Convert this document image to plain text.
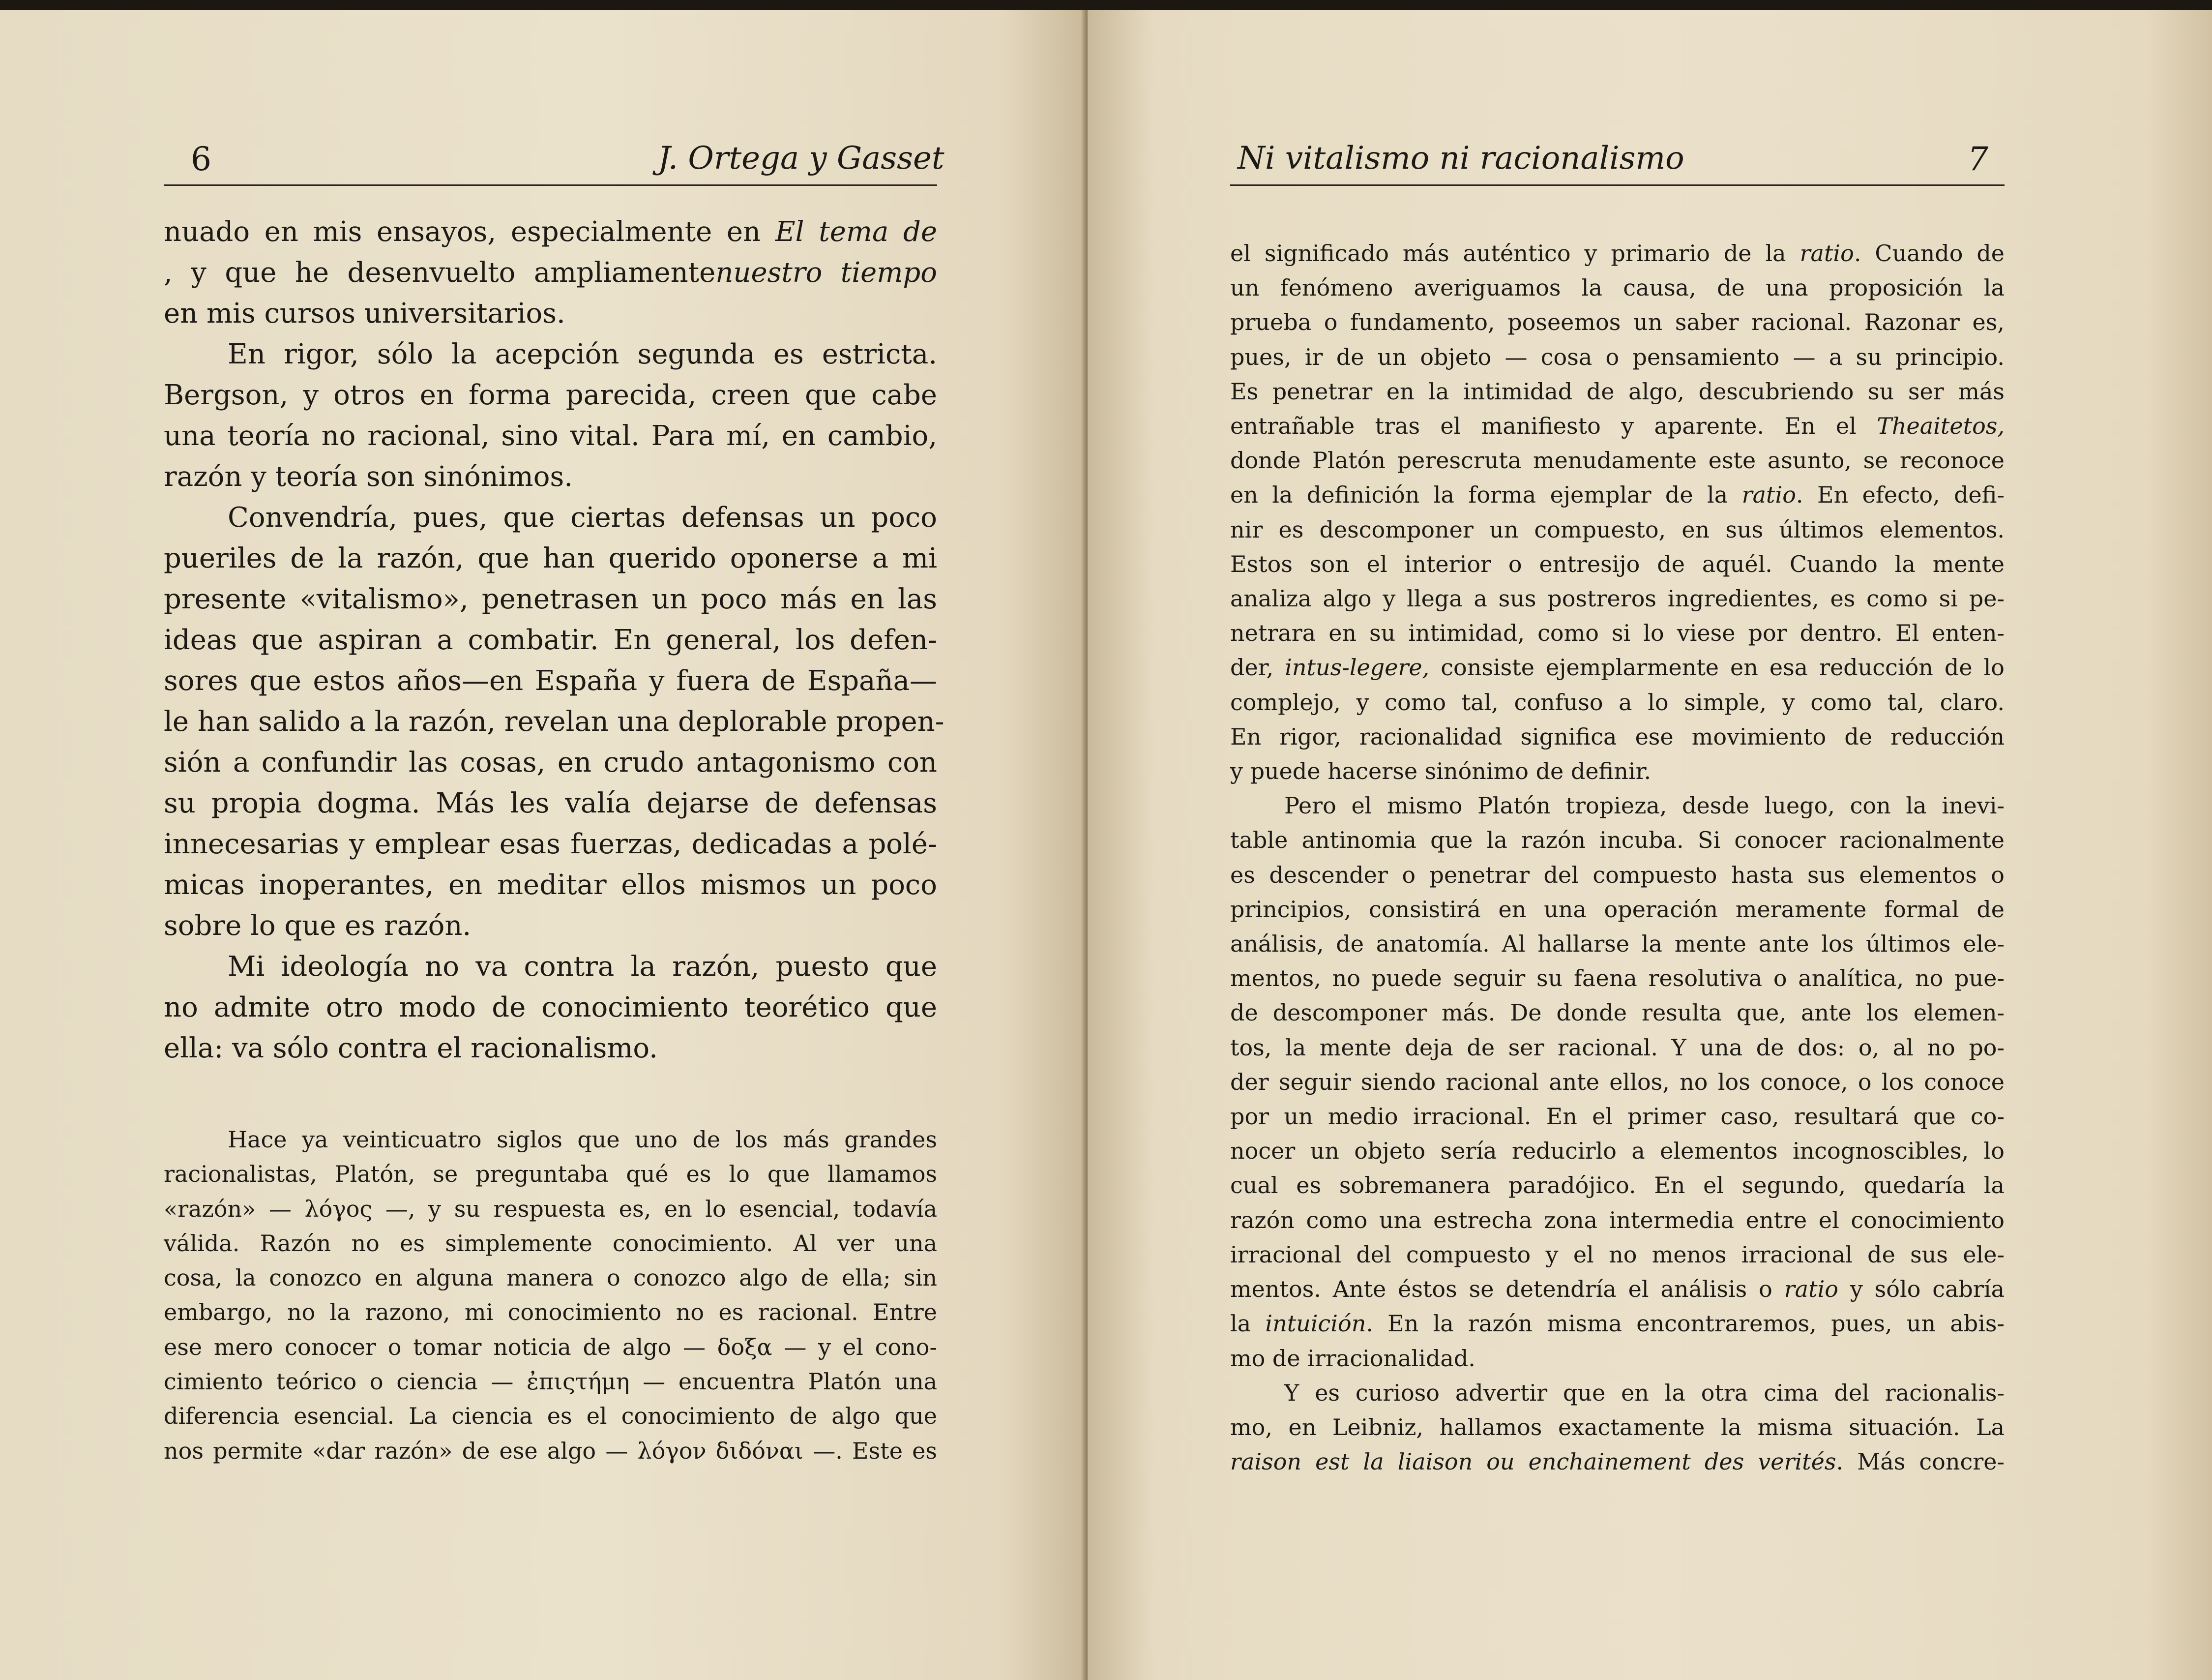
6	J. Ortega y Gasset
nuado en mis ensayos, especialmente en El tema de
, y que he desenvuelto ampliamentenuestro tiempo
en mis cursos universitarios.
En rigor, sólo la acepción segunda es estricta.
Bergson, y otros en forma parecida, creen que cabe
una teoría no racional, sino vital. Para mí, en cambio,
razón y teoría son sinónimos.
Convendría, pues, que ciertas defensas un poco
pueriles de la razón, que han querido oponerse a mi
presente «vitalismo», penetrasen un poco más en las
ideas que aspiran a combatir. En general, los defen-
sores que estos años—en España y fuera de España—
le han salido a la razón, revelan una deplorable propen-
sión a confundir las cosas, en crudo antagonismo con
su propia dogma. Más les valía dejarse de defensas
innecesarias y emplear esas fuerzas, dedicadas a polé-
micas inoperantes, en meditar ellos mismos un poco
sobre lo que es razón.
Mi ideología no va contra la razón, puesto que
no admite otro modo de conocimiento teorético que
ella: va sólo contra el racionalismo.
Hace ya veinticuatro siglos que uno de los más grandes
racionalistas, Platón, se preguntaba qué es lo que llamamos
«razón» — λόγος —, y su respuesta es, en lo esencial, todavía
válida. Razón no es simplemente conocimiento. Al ver una
cosa, la conozco en alguna manera o conozco algo de ella; sin
embargo, no la razono, mi conocimiento no es racional. Entre
ese mero conocer o tomar noticia de algo — δοξα — y el cono-
cimiento teórico o ciencia — ἐπιςτήμη — encuentra Platón una
diferencia esencial. La ciencia es el conocimiento de algo que
nos permite «dar razón» de ese algo — λόγον διδόναι —. Este es
Ni vitalismo ni racionalismo	7
el significado más auténtico y primario de la ratio. Cuando de
un fenómeno averiguamos la causa, de una proposición la
prueba o fundamento, poseemos un saber racional. Razonar es,
pues, ir de un objeto — cosa o pensamiento — a su principio.
Es penetrar en la intimidad de algo, descubriendo su ser más
entrañable tras el manifiesto y aparente. En el Theaitetos,
donde Platón perescruta menudamente este asunto, se reconoce
en la definición la forma ejemplar de la ratio. En efecto, defi-
nir es descomponer un compuesto, en sus últimos elementos.
Estos son el interior o entresijo de aquél. Cuando la mente
analiza algo y llega a sus postreros ingredientes, es como si pe-
netrara en su intimidad, como si lo viese por dentro. El enten-
der, intus-legere, consiste ejemplarmente en esa reducción de lo
complejo, y como tal, confuso a lo simple, y como tal, claro.
En rigor, racionalidad significa ese movimiento de reducción
y puede hacerse sinónimo de definir.
Pero el mismo Platón tropieza, desde luego, con la inevi-
table antinomia que la razón incuba. Si conocer racionalmente
es descender o penetrar del compuesto hasta sus elementos o
principios, consistirá en una operación meramente formal de
análisis, de anatomía. Al hallarse la mente ante los últimos ele-
mentos, no puede seguir su faena resolutiva o analítica, no pue-
de descomponer más. De donde resulta que, ante los elemen-
tos, la mente deja de ser racional. Y una de dos: o, al no po-
der seguir siendo racional ante ellos, no los conoce, o los conoce
por un medio irracional. En el primer caso, resultará que co-
nocer un objeto sería reducirlo a elementos incognoscibles, lo
cual es sobremanera paradójico. En el segundo, quedaría la
razón como una estrecha zona intermedia entre el conocimiento
irracional del compuesto y el no menos irracional de sus ele-
mentos. Ante éstos se detendría el análisis o ratio y sólo cabría
la intuición. En la razón misma encontraremos, pues, un abis-
mo de irracionalidad.
Y es curioso advertir que en la otra cima del racionalis-
mo, en Leibniz, hallamos exactamente la misma situación. La
raison est la liaison ou enchainement des verités. Más concre-
